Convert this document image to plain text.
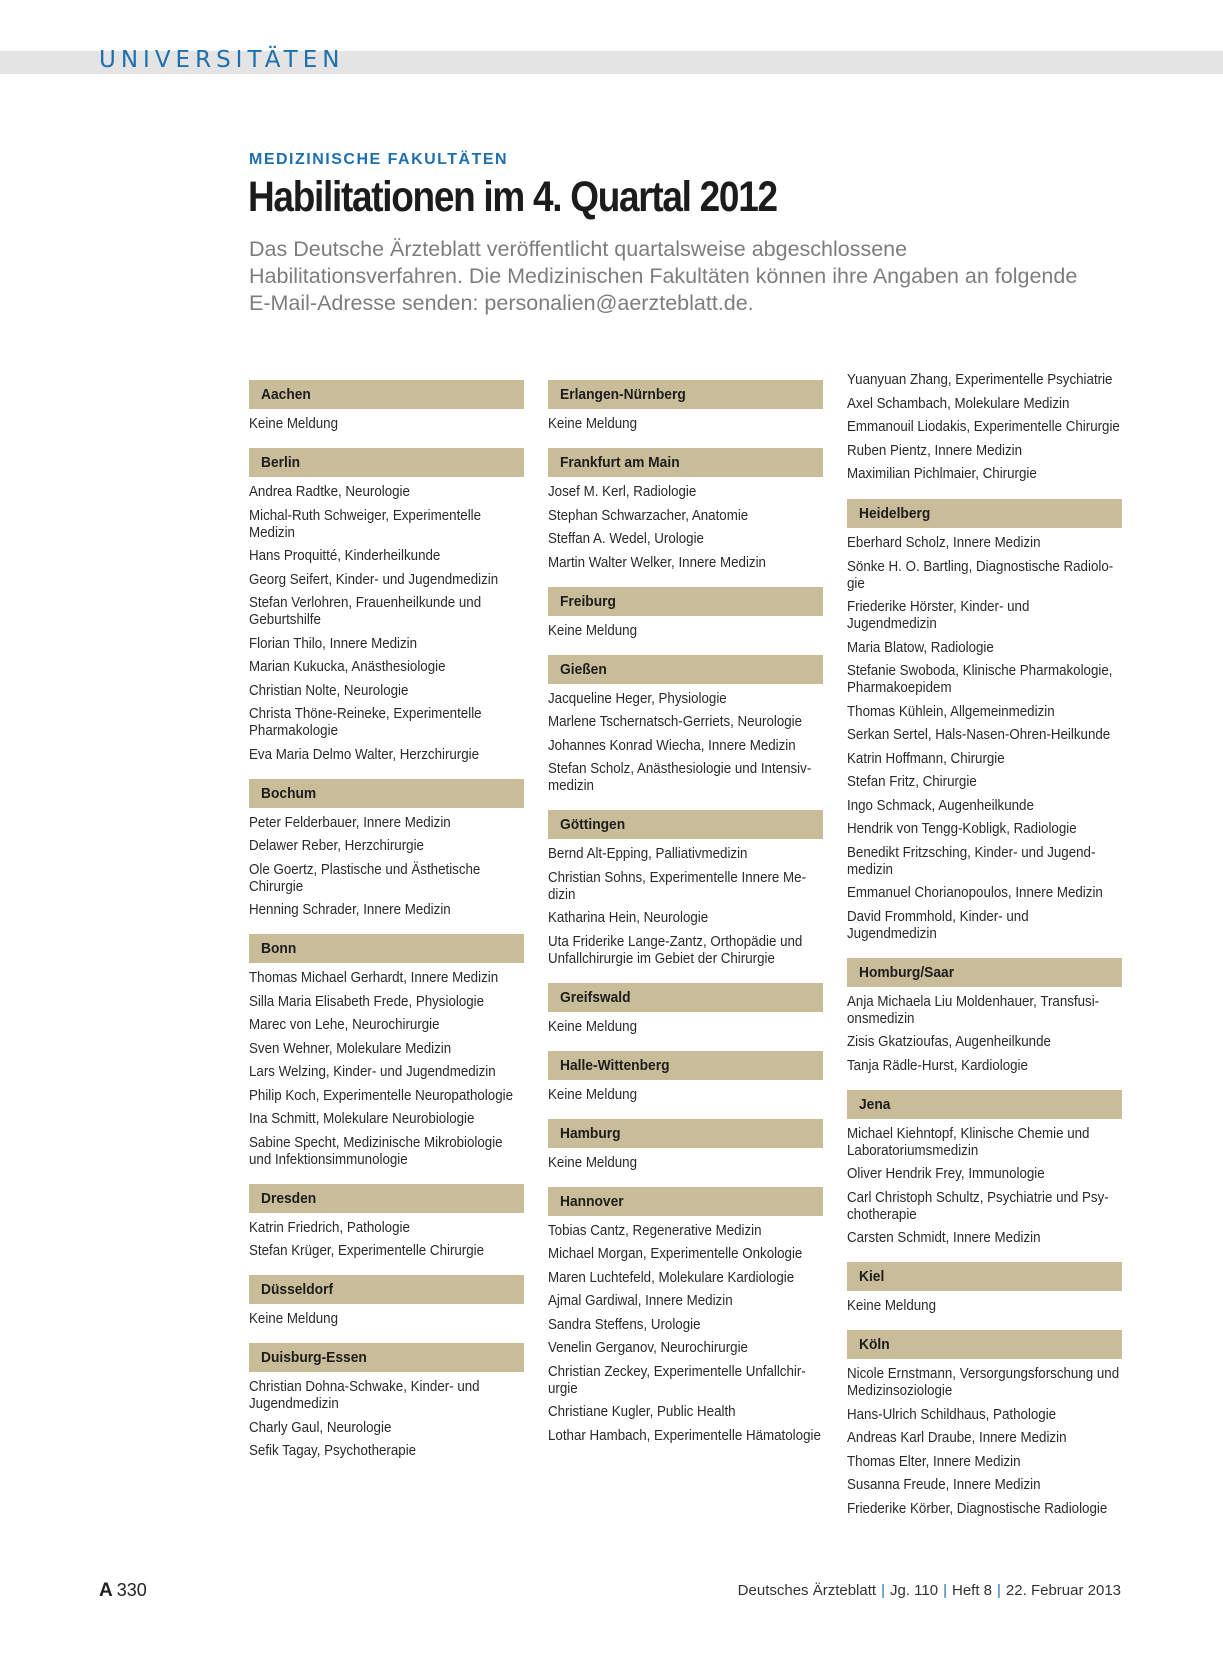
UNIVERSITÄTEN
MEDIZINISCHE FAKULTÄTEN
Habilitationen im 4. Quartal 2012
Das Deutsche Ärzteblatt veröffentlicht quartalsweise abgeschlossene Habilitationsverfahren. Die Medizinischen Fakultäten können ihre Angaben an folgende E-Mail-Adresse senden: personalien@aerzteblatt.de.
Aachen
Keine Meldung
Berlin
Andrea Radtke, Neurologie
Michal-Ruth Schweiger, Experimentelle Medizin
Hans Proquitté, Kinderheilkunde
Georg Seifert, Kinder- und Jugendmedizin
Stefan Verlohren, Frauenheilkunde und Geburtshilfe
Florian Thilo, Innere Medizin
Marian Kukucka, Anästhesiologie
Christian Nolte, Neurologie
Christa Thöne-Reineke, Experimentelle Pharmakologie
Eva Maria Delmo Walter, Herzchirurgie
Bochum
Peter Felderbauer, Innere Medizin
Delawer Reber, Herzchirurgie
Ole Goertz, Plastische und Ästhetische Chirurgie
Henning Schrader, Innere Medizin
Bonn
Thomas Michael Gerhardt, Innere Medizin
Silla Maria Elisabeth Frede, Physiologie
Marec von Lehe, Neurochirurgie
Sven Wehner, Molekulare Medizin
Lars Welzing, Kinder- und Jugendmedizin
Philip Koch, Experimentelle Neuropathologie
Ina Schmitt, Molekulare Neurobiologie
Sabine Specht, Medizinische Mikrobiologie und Infektionsimmunologie
Dresden
Katrin Friedrich, Pathologie
Stefan Krüger, Experimentelle Chirurgie
Düsseldorf
Keine Meldung
Duisburg-Essen
Christian Dohna-Schwake, Kinder- und Jugendmedizin
Charly Gaul, Neurologie
Sefik Tagay, Psychotherapie
Erlangen-Nürnberg
Keine Meldung
Frankfurt am Main
Josef M. Kerl, Radiologie
Stephan Schwarzacher, Anatomie
Steffan A. Wedel, Urologie
Martin Walter Welker, Innere Medizin
Freiburg
Keine Meldung
Gießen
Jacqueline Heger, Physiologie
Marlene Tschernatsch-Gerriets, Neurologie
Johannes Konrad Wiecha, Innere Medizin
Stefan Scholz, Anästhesiologie und Intensiv-medizin
Göttingen
Bernd Alt-Epping, Palliativmedizin
Christian Sohns, Experimentelle Innere Me-dizin
Katharina Hein, Neurologie
Uta Friderike Lange-Zantz, Orthopädie und Unfallchirurgie im Gebiet der Chirurgie
Greifswald
Keine Meldung
Halle-Wittenberg
Keine Meldung
Hamburg
Keine Meldung
Hannover
Tobias Cantz, Regenerative Medizin
Michael Morgan, Experimentelle Onkologie
Maren Luchtefeld, Molekulare Kardiologie
Ajmal Gardiwal, Innere Medizin
Sandra Steffens, Urologie
Venelin Gerganov, Neurochirurgie
Christian Zeckey, Experimentelle Unfallchir-urgie
Christiane Kugler, Public Health
Lothar Hambach, Experimentelle Hämatologie
Yuanyuan Zhang, Experimentelle Psychiatrie
Axel Schambach, Molekulare Medizin
Emmanouil Liodakis, Experimentelle Chirurgie
Ruben Pientz, Innere Medizin
Maximilian Pichlmaier, Chirurgie
Heidelberg
Eberhard Scholz, Innere Medizin
Sönke H. O. Bartling, Diagnostische Radiolo-gie
Friederike Hörster, Kinder- und Jugendmedizin
Maria Blatow, Radiologie
Stefanie Swoboda, Klinische Pharmakologie, Pharmakoepidem
Thomas Kühlein, Allgemeinmedizin
Serkan Sertel, Hals-Nasen-Ohren-Heilkunde
Katrin Hoffmann, Chirurgie
Stefan Fritz, Chirurgie
Ingo Schmack, Augenheilkunde
Hendrik von Tengg-Kobligk, Radiologie
Benedikt Fritzsching, Kinder- und Jugend-medizin
Emmanuel Chorianopoulos, Innere Medizin
David Frommhold, Kinder- und Jugendmedizin
Homburg/Saar
Anja Michaela Liu Moldenhauer, Transfusi-onsmedizin
Zisis Gkatzioufas, Augenheilkunde
Tanja Rädle-Hurst, Kardiologie
Jena
Michael Kiehntopf, Klinische Chemie und Laboratoriumsmedizin
Oliver Hendrik Frey, Immunologie
Carl Christoph Schultz, Psychiatrie und Psy-chotherapie
Carsten Schmidt, Innere Medizin
Kiel
Keine Meldung
Köln
Nicole Ernstmann, Versorgungsforschung und Medizinsoziologie
Hans-Ulrich Schildhaus, Pathologie
Andreas Karl Draube, Innere Medizin
Thomas Elter, Innere Medizin
Susanna Freude, Innere Medizin
Friederike Körber, Diagnostische Radiologie
A 330	Deutsches Ärzteblatt | Jg. 110 | Heft 8 | 22. Februar 2013
